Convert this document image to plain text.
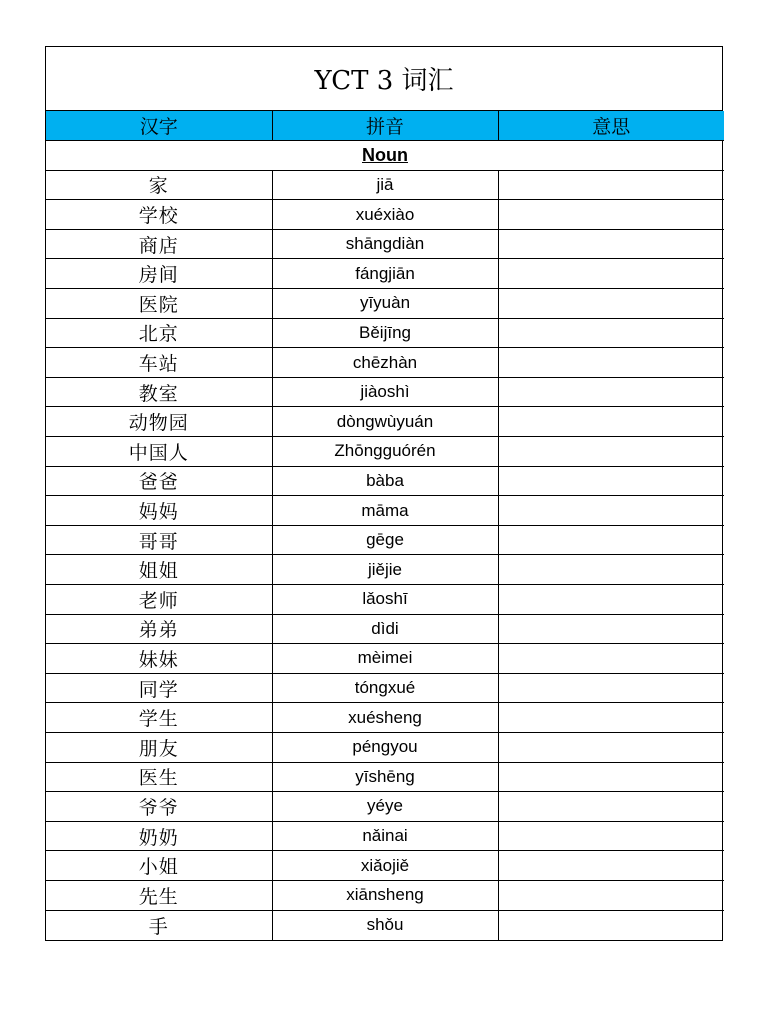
YCT 3 词汇
汉字	拼音	意思
Noun		
家	jiā	
学校	xuéxiào	
商店	shāngdiàn	
房间	fángjiān	
医院	yīyuàn	
北京	Běijīng	
车站	chēzhàn	
教室	jiàoshì	
动物园	dòngwùyuán	
中国人	Zhōngguórén	
爸爸	bàba	
妈妈	māma	
哥哥	gēge	
姐姐	jiějie	
老师	lǎoshī	
弟弟	dìdi	
妹妹	mèimei	
同学	tóngxué	
学生	xuésheng	
朋友	péngyou	
医生	yīshēng	
爷爷	yéye	
奶奶	nǎinai	
小姐	xiǎojiě	
先生	xiānsheng	
手	shǒu	
